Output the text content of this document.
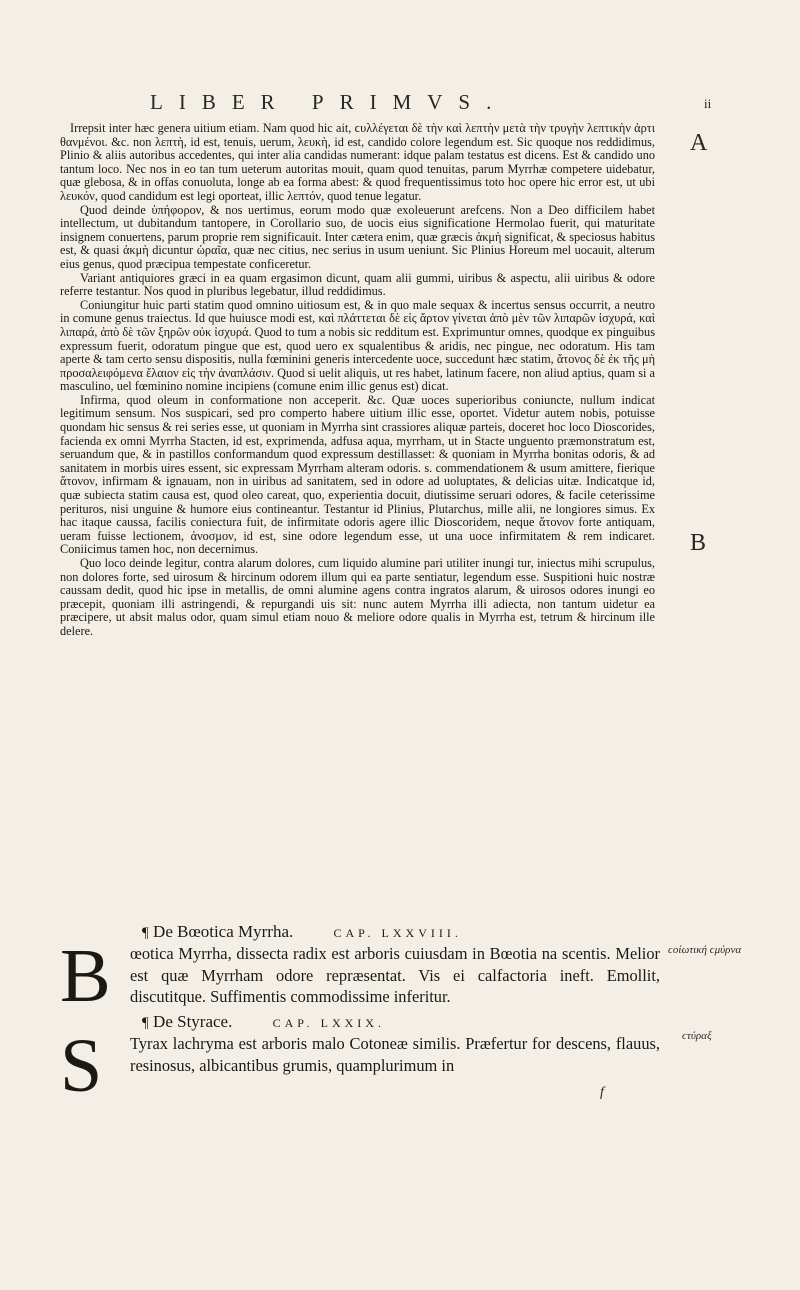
LIBER PRIMVS.	ii
A
B
ϲοίωτική ϲμύρνα
ϲτύραξ
f

Irrepsit inter hæc genera uitium etiam. Nam quod hic ait, ϲυλλέγεται δὲ τὴν καὶ λεπτὴν μετὰ τὴν τρυγὴν λεπτικὴν ἀρτι θανμένοι. &c. non λεπτὴ, id est, tenuis, uerum, λευκὴ, id est, candido colore legendum est. Sic quoque nos reddidimus, Plinio & aliis autoribus accedentes, qui inter alia candidas numerant: idque palam testatus est dicens. Est & candido uno tantum loco. Nec nos in eo tan tum ueterum autoritas mouit, quam quod tenuitas, parum Myrrhæ competere uidebatur, quæ glebosa, & in offas conuoluta, longe ab ea forma abest: & quod frequentissimus toto hoc opere hic error est, ut ubi λευκόν, quod candidum est legi oporteat, illic λεπτόν, quod tenue legatur.

Quod deinde ὑπήφορον, & nos uertimus, eorum modo quæ exoleuerunt arefcens. Non a Deo difficilem habet intellectum, ut dubitandum tantopere, in Corollario suo, de uocis eius significatione Hermolao fuerit, qui maturitate insignem conuertens, parum proprie rem significauit. Inter cætera enim, quæ græcis ἀκμὴ significat, & speciosus habitus est, & quasi ἀκμὴ dicuntur ὡραῖα, quæ nec citius, nec serius in usum ueniunt. Sic Plinius Horeum mel uocauit, alterum eius genus, quod præcipua tempestate conficeretur.

Variant antiquiores græci in ea quam ergasimon dicunt, quam alii gummi, uiribus & aspectu, alii uiribus & odore referre testantur. Nos quod in pluribus legebatur, illud reddidimus.

Coniungitur huic parti statim quod omnino uitiosum est, & in quo male sequax & incertus sensus occurrit, a neutro in comune genus traiectus. Id que huiusce modi est, καὶ πλάττεται δὲ εἰς ἄρτον γίνεται ἀπὸ μὲν τῶν λιπαρῶν ἰσχυρά, καὶ λιπαρά, ἀπὸ δὲ τῶν ξηρῶν οὐκ ἰσχυρά. Quod to tum a nobis sic redditum est. Exprimuntur omnes, quodque ex pinguibus expressum fuerit, odoratum pingue que est, quod uero ex squalentibus & aridis, nec pingue, nec odoratum. His tam aperte & tam certo sensu dispositis, nulla fœminini generis intercedente uoce, succedunt hæc statim, ἄτονος δὲ ἐκ τῆς μὴ προσαλειφόμενα ἔλαιον εἰς τὴν ἀναπλάσιν. Quod si uelit aliquis, ut res habet, latinum facere, non aliud aptius, quam si a masculino, uel fœminino nomine incipiens (comune enim illic genus est) dicat.

Infirma, quod oleum in conformatione non acceperit. &c. Quæ uoces superioribus coniuncte, nullum indicat legitimum sensum. Nos suspicari, sed pro comperto habere uitium illic esse, oportet. Videtur autem nobis, potuisse quondam hic sensus & rei series esse, ut quoniam in Myrrha sint crassiores aliquæ parteis, doceret hoc loco Dioscorides, facienda ex omni Myrrha Stacten, id est, exprimenda, adfusa aqua, myrrham, ut in Stacte unguento præmonstratum est, seruandum que, & in pastillos conformandum quod expressum destillasset: & quoniam in Myrrha bonitas odoris, & ad sanitatem in morbis uires essent, sic expressam Myrrham alteram odoris. s. commendationem & usum amittere, fierique ἄτονον, infirmam & ignauam, non in uiribus ad sanitatem, sed in odore ad uoluptates, & delicias uitæ. Indicatque id, quæ subiecta statim causa est, quod oleo careat, quo, experientia docuit, diutissime seruari odores, & facile ceterissime perituros, nisi unguine & humore eius contineantur. Testantur id Plinius, Plutarchus, mille alii, ne longiores simus. Ex hac itaque caussa, facilis coniectura fuit, de infirmitate odoris agere illic Dioscoridem, neque ἄτονον forte antiquam, ueram fuisse lectionem, ἀνοσμον, id est, sine odore legendum esse, ut una uoce infirmitatem & rem indicaret. Coniicimus tamen hoc, non decernimus.

Quo loco deinde legitur, contra alarum dolores, cum liquido alumine pari utiliter inungi tur, iniectus mihi scrupulus, non dolores forte, sed uirosum & hircinum odorem illum qui ea parte sentiatur, legendum esse. Suspitioni huic nostræ caussam dedit, quod hic ipse in metallis, de omni alumine agens contra ingratos alarum, & uirosos odores inungi eo præcepit, quoniam illi astringendi, & repurgandi uis sit: nunc autem Myrrha illi adiecta, non tantum uidetur ea præcipere, ut absit malus odor, quam simul etiam nouo & meliore odore qualis in Myrrha est, tetrum & hircinum ille delere.

¶ De Bœotica Myrrha.	CAP. LXXVIII.
B	œotica Myrrha, dissecta radix est arboris cuiusdam in Bœotia na scentis. Melior est quæ Myrrham odore repræsentat. Vis ei calfactoria ineft. Emollit, discutitque. Suffimentis commodissime inferitur.
¶ De Styrace.	CAP. LXXIX.
S	Tyrax lachryma est arboris malo Cotoneæ similis. Præfertur for descens, flauus, resinosus, albicantibus grumis, quamplurimum in
